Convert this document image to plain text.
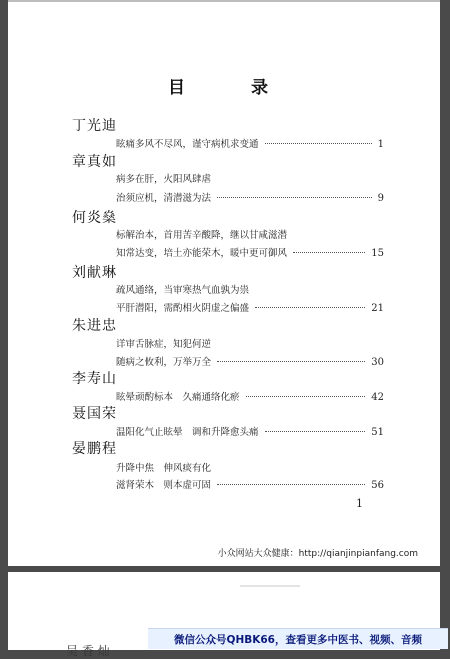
目 录
丁光迪
眩痛多风不尽风，谨守病机求变通	1
章真如
病多在肝，火阳风肆虐
治须应机，清潜滋为法	9
何炎燊
标解治本，首用苦辛酸降，继以甘咸滋潜
知常达变，培土亦能荣木，暖中更可御风	15
刘献琳
疏风通络，当审寒热气血孰为祟
平肝潜阳，需酌相火阴虚之偏盛	21
朱进忠
详审舌脉症，知犯何逆
随病之攸利，万举万全	30
李寿山
眩晕顽酌标本　久痛通络化瘀	42
聂国荣
温阳化气止眩晕　调和升降愈头痛	51
晏鹏程
升降中焦　伸风痰有化
滋肾荣木　则本虚可固	56
1
小众网站大众健康：http://qianjinpianfang.com
吴 香 灿
微信公众号QHBK66，查看更多中医书、视频、音频
